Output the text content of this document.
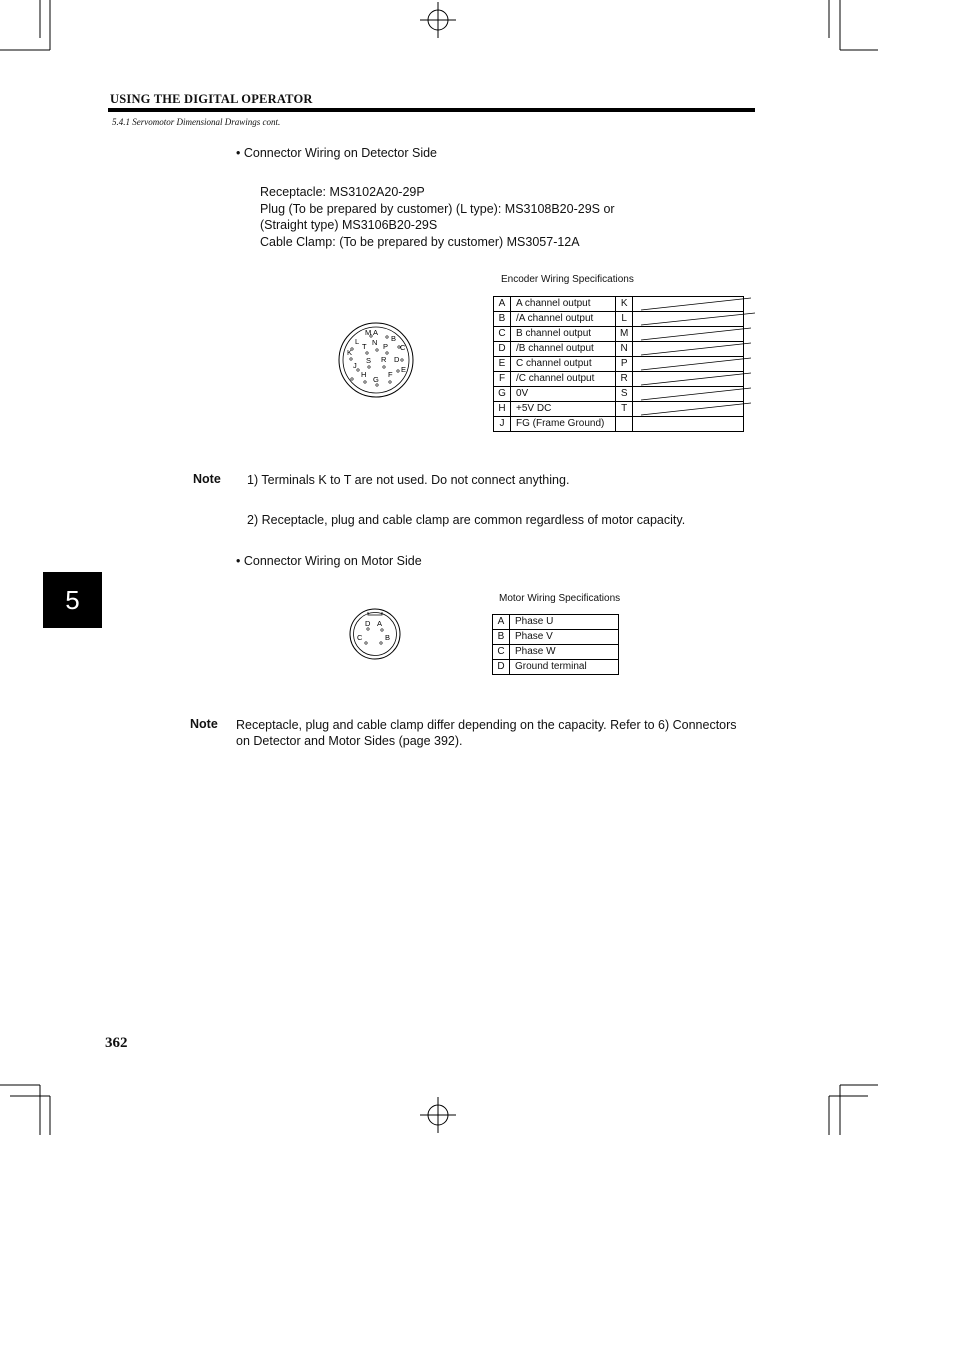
USING THE DIGITAL OPERATOR
5.4.1 Servomotor Dimensional Drawings cont.
• Connector Wiring on Detector Side
Receptacle: MS3102A20-29P
Plug (To be prepared by customer) (L type): MS3108B20-29S or
(Straight type) MS3106B20-29S
Cable Clamp: (To be prepared by customer) MS3057-12A
M A
B
L N
T P C
K
S R D
J	E
H	F
G
Encoder Wiring Specifications
A	A channel output	K	
B	/A channel output	L	
C	B channel output	M	
D	/B channel output	N	
E	C channel output	P	
F	/C channel output	R	
G	0V	S	
H	+5V DC	T	
J	FG (Frame Ground)		
Note 1) Terminals K to T are not used. Do not connect anything.
2) Receptacle, plug and cable clamp are common regardless of motor capacity.
• Connector Wiring on Motor Side
5
A
B
C
D
Motor Wiring Specifications
A	Phase U
B	Phase V
C	Phase W
D	Ground terminal
Note Receptacle, plug and cable clamp differ depending on the capacity. Refer to 6) Connectors
on Detector and Motor Sides (page 392).
362
